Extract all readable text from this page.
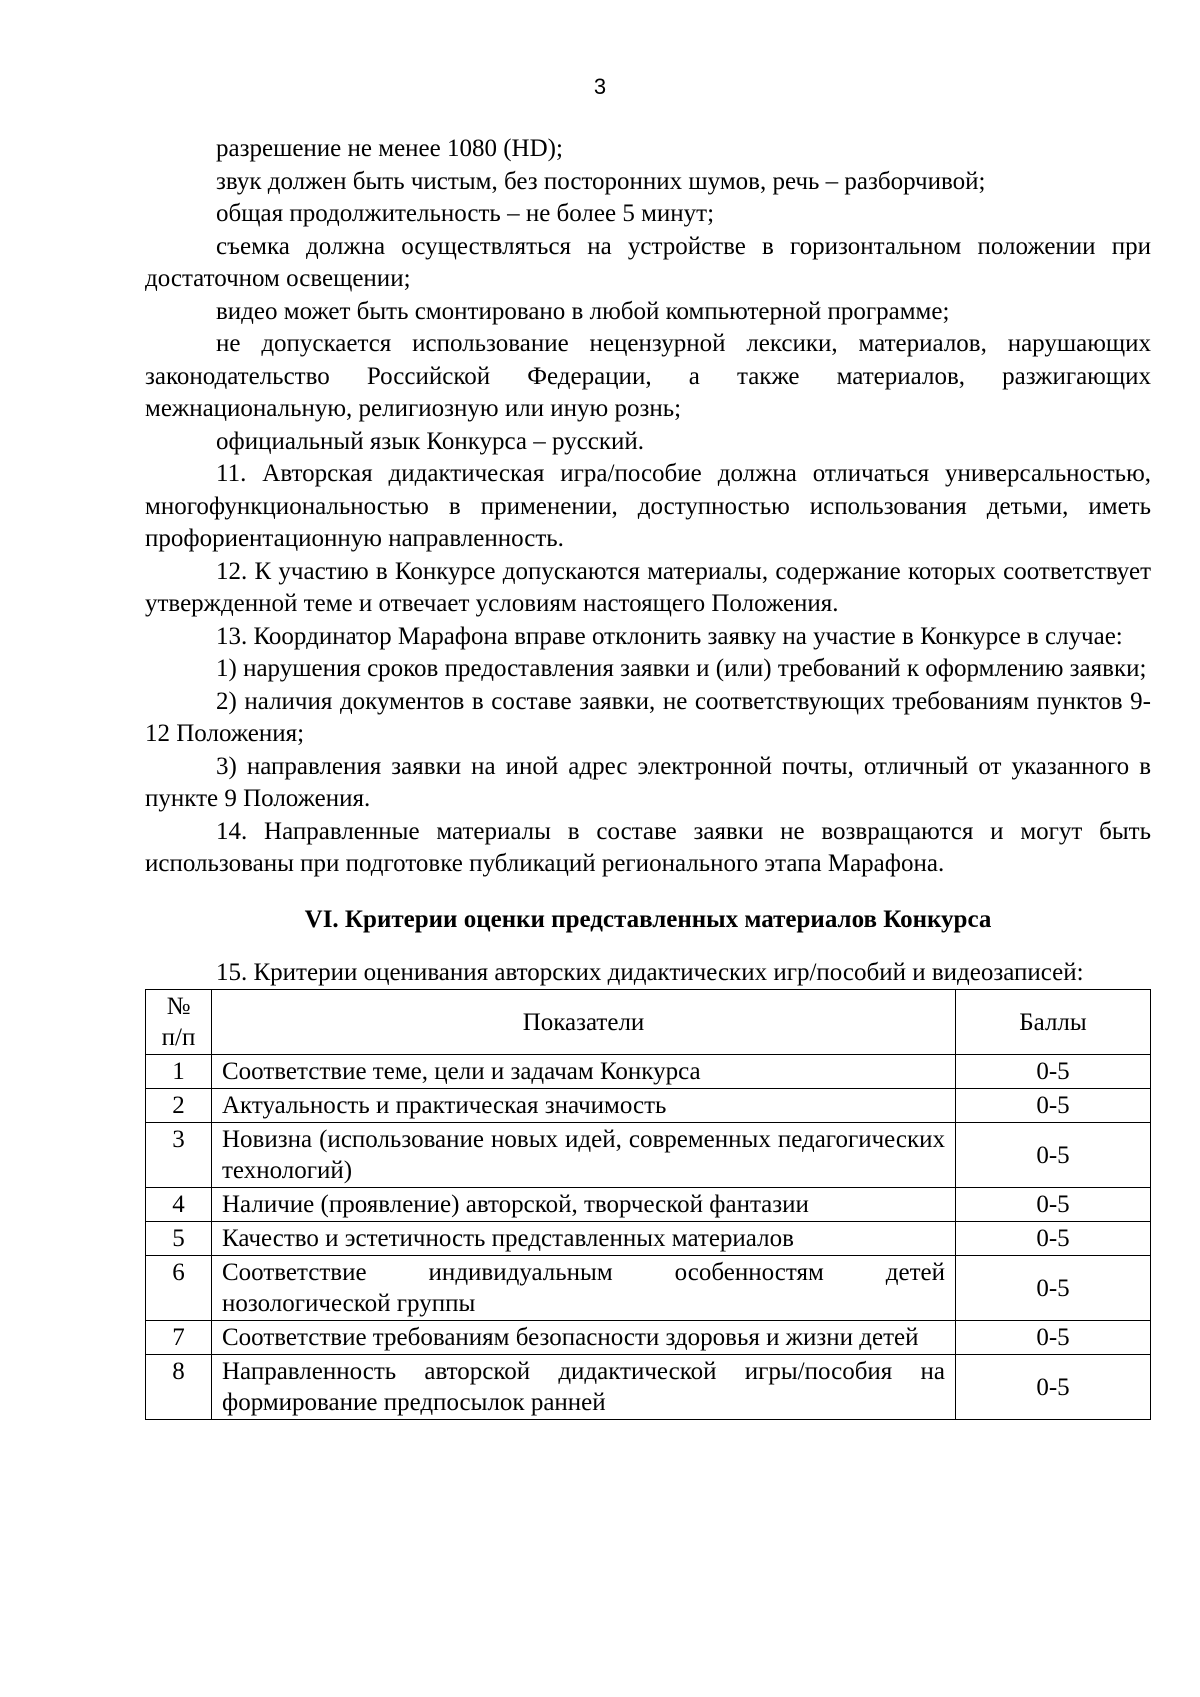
3

разрешение не менее 1080 (HD);

звук должен быть чистым, без посторонних шумов, речь – разборчивой;

общая продолжительность – не более 5 минут;

съемка должна осуществляться на устройстве в горизонтальном положении при достаточном освещении;

видео может быть смонтировано в любой компьютерной программе;

не допускается использование нецензурной лексики, материалов, нарушающих законодательство Российской Федерации, а также материалов, разжигающих межнациональную, религиозную или иную рознь;

официальный язык Конкурса – русский.

11. Авторская дидактическая игра/пособие должна отличаться универсальностью, многофункциональностью в применении, доступностью использования детьми, иметь профориентационную направленность.

12. К участию в Конкурсе допускаются материалы, содержание которых соответствует утвержденной теме и отвечает условиям настоящего Положения.

13. Координатор Марафона вправе отклонить заявку на участие в Конкурсе в случае:

1) нарушения сроков предоставления заявки и (или) требований к оформлению заявки;

2) наличия документов в составе заявки, не соответствующих требованиям пунктов 9-12 Положения;

3) направления заявки на иной адрес электронной почты, отличный от указанного в пункте 9 Положения.

14. Направленные материалы в составе заявки не возвращаются и могут быть использованы при подготовке публикаций регионального этапа Марафона.

VI. Критерии оценки представленных материалов Конкурса

15. Критерии оценивания авторских дидактических игр/пособий и видеозаписей:

№
п/п	Показатели	Баллы
1	Соответствие теме, цели и задачам Конкурса	0-5
2	Актуальность и практическая значимость	0-5
3	Новизна (использование новых идей, современных педагогических технологий)	0-5
4	Наличие (проявление) авторской, творческой фантазии	0-5
5	Качество и эстетичность представленных материалов	0-5
6	Соответствие индивидуальным особенностям детей нозологической группы	0-5
7	Соответствие требованиям безопасности здоровья и жизни детей	0-5
8	Направленность авторской дидактической игры/пособия на формирование предпосылок ранней	0-5
